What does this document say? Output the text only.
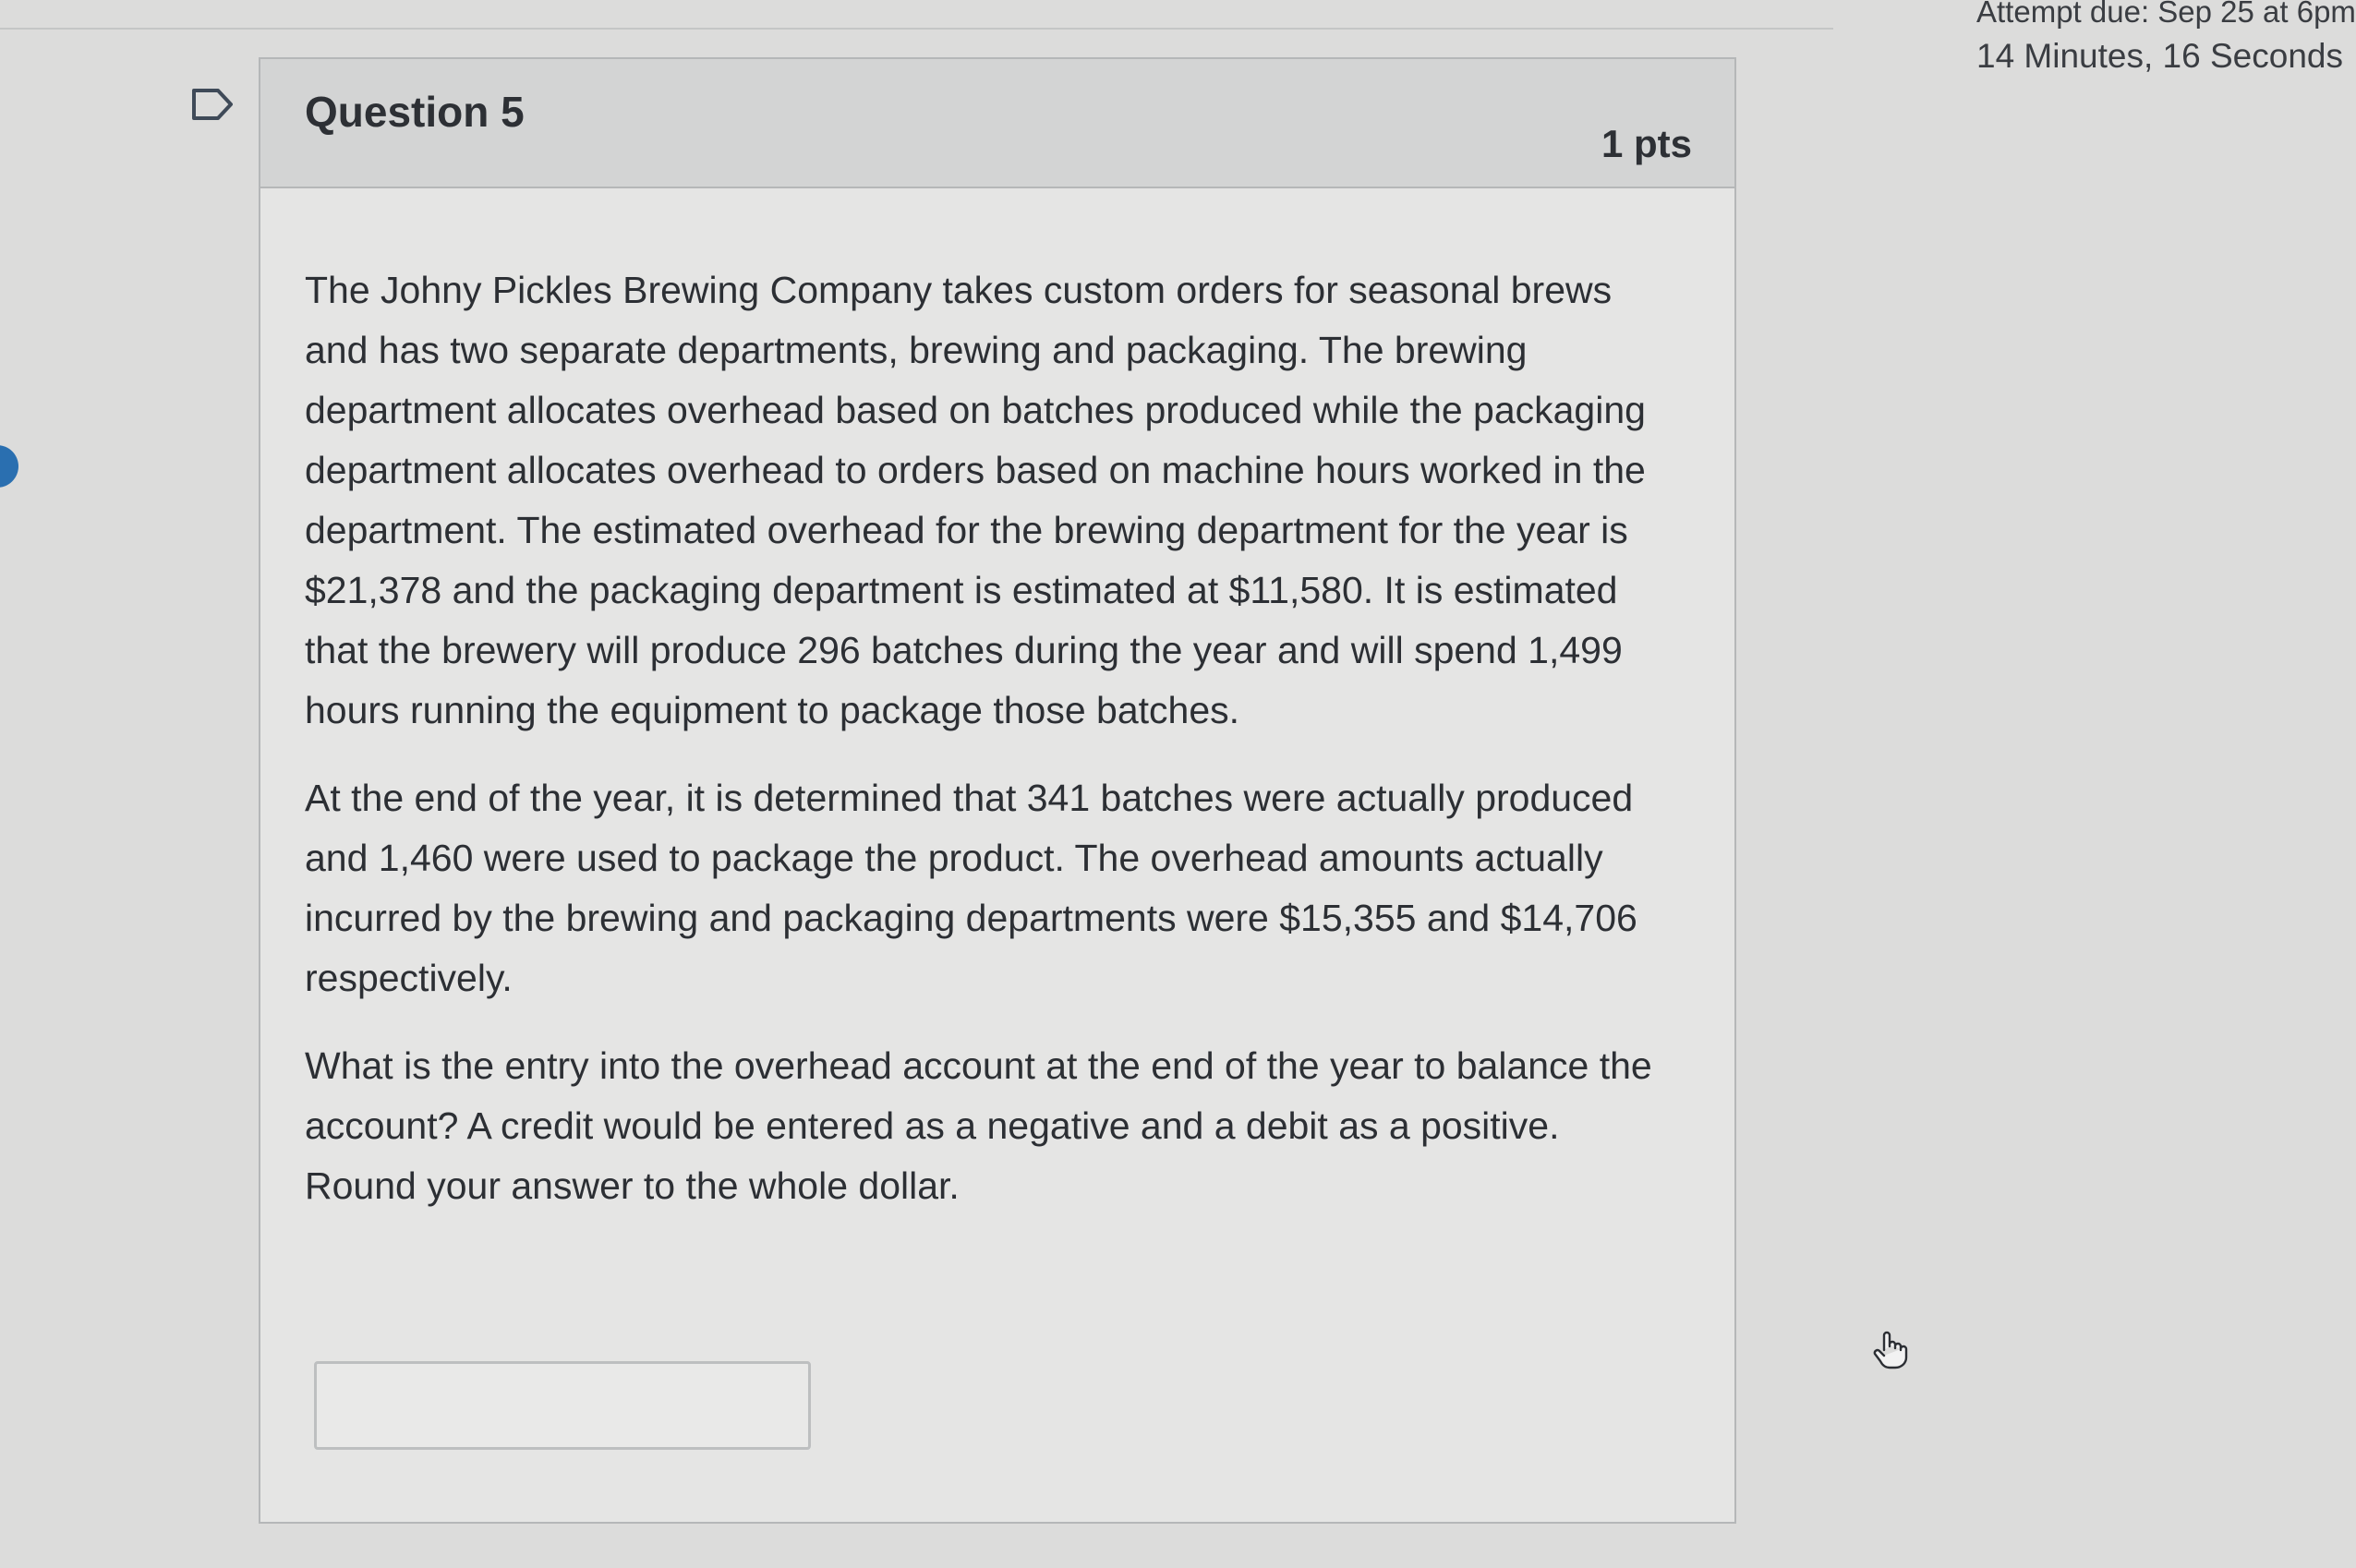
Question 5
1 pts

The Johny Pickles Brewing Company takes custom orders for seasonal brews and has two separate departments, brewing and packaging. The brewing department allocates overhead based on batches produced while the packaging department allocates overhead to orders based on machine hours worked in the department. The estimated overhead for the brewing department for the year is $21,378 and the packaging department is estimated at $11,580. It is estimated that the brewery will produce 296 batches during the year and will spend 1,499 hours running the equipment to package those batches.

At the end of the year, it is determined that 341 batches were actually produced and 1,460 were used to package the product. The overhead amounts actually incurred by the brewing and packaging departments were $15,355 and $14,706 respectively.

What is the entry into the overhead account at the end of the year to balance the account? A credit would be entered as a negative and a debit as a positive. Round your answer to the whole dollar.

Attempt due: Sep 25 at 6pm
14 Minutes, 16 Seconds
